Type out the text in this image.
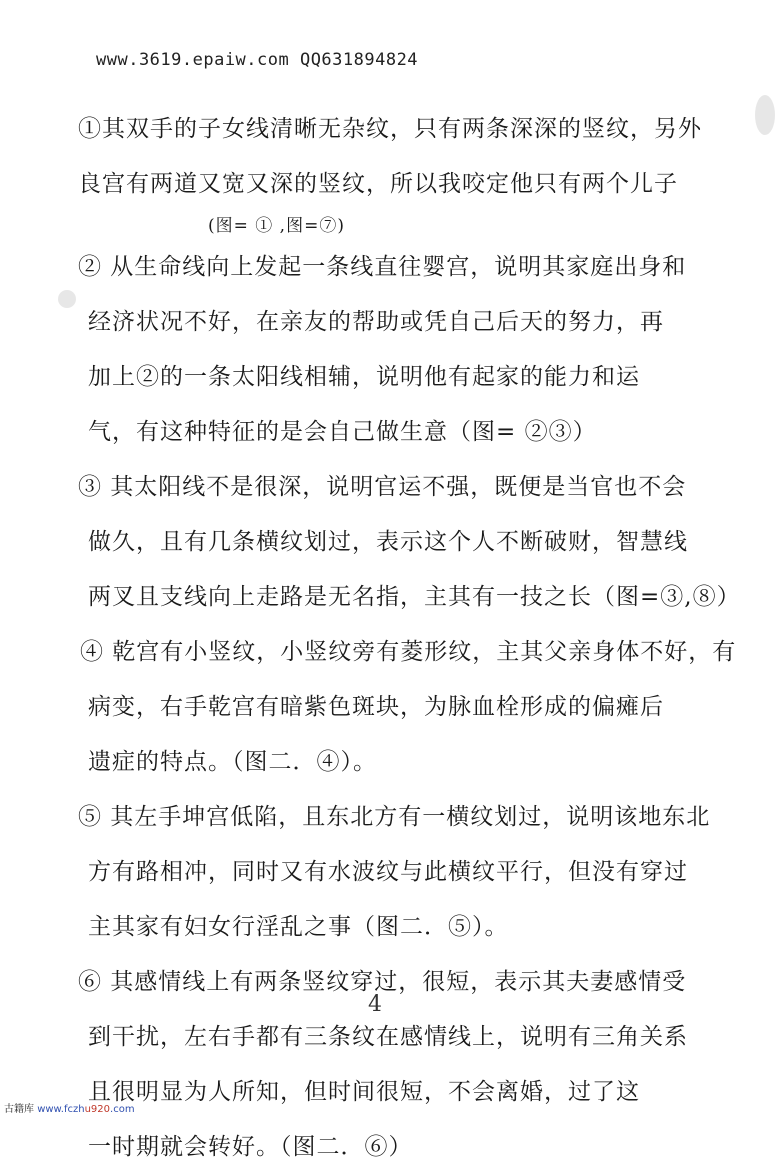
www.3619.epaiw.com QQ631894824
①其双手的子女线清晰无杂纹，只有两条深深的竖纹，另外
良宫有两道又宽又深的竖纹，所以我咬定他只有两个儿子
(图= ① ,图=⑦)
② 从生命线向上发起一条线直往婴宫，说明其家庭出身和
经济状况不好，在亲友的帮助或凭自己后天的努力，再
加上②的一条太阳线相辅，说明他有起家的能力和运
气，有这种特征的是会自己做生意（图= ②③）
③ 其太阳线不是很深，说明官运不强，既便是当官也不会
做久，且有几条横纹划过，表示这个人不断破财，智慧线
两叉且支线向上走路是无名指，主其有一技之长（图=③,⑧）
④ 乾宫有小竖纹，小竖纹旁有菱形纹，主其父亲身体不好，有
病变，右手乾宫有暗紫色斑块，为脉血栓形成的偏瘫后
遗症的特点。（图二．④）。
⑤ 其左手坤宫低陷，且东北方有一横纹划过，说明该地东北
方有路相冲，同时又有水波纹与此横纹平行，但没有穿过
主其家有妇女行淫乱之事（图二．⑤）。
⑥ 其感情线上有两条竖纹穿过，很短，表示其夫妻感情受
到干扰，左右手都有三条纹在感情线上，说明有三角关系
且很明显为人所知，但时间很短，不会离婚，过了这
一时期就会转好。（图二．⑥）
4
古籍库 www.fczhu920.com
